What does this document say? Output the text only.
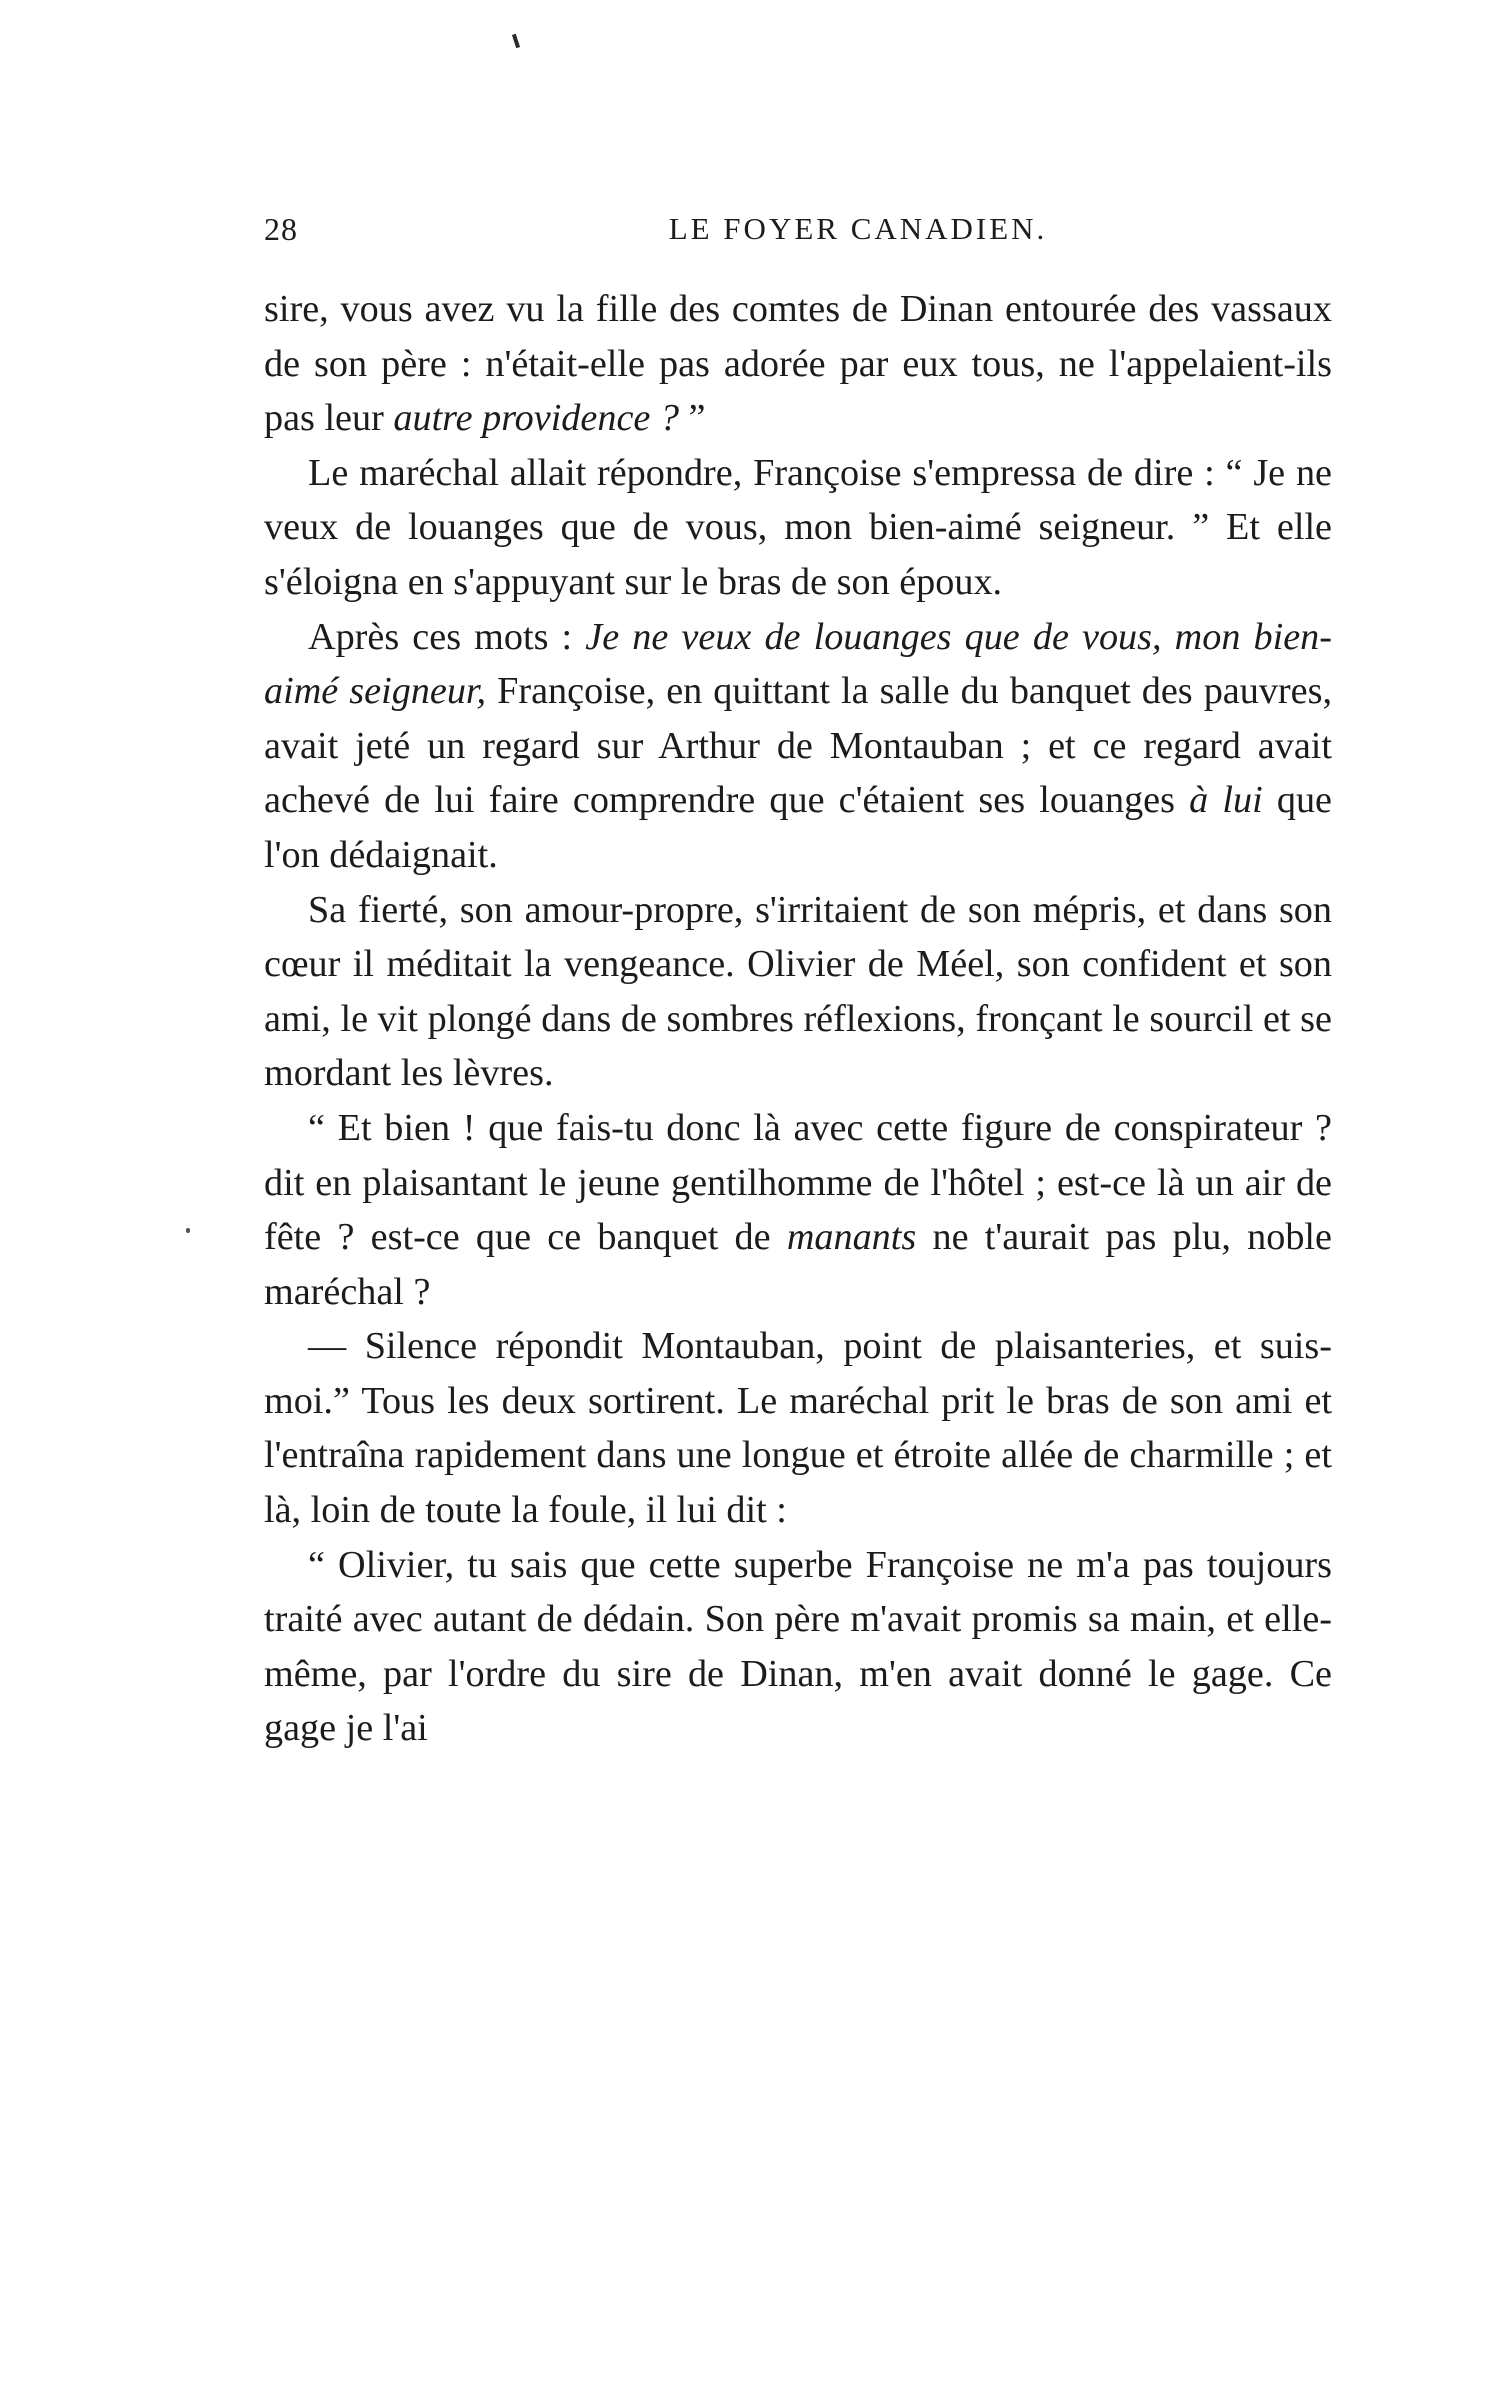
28	LE FOYER CANADIEN.

sire, vous avez vu la fille des comtes de Dinan entourée des vassaux de son père : n'était-elle pas adorée par eux tous, ne l'appelaient-ils pas leur autre providence ? ”

Le maréchal allait répondre, Françoise s'empressa de dire : “ Je ne veux de louanges que de vous, mon bien-aimé seigneur. ” Et elle s'éloigna en s'appuyant sur le bras de son époux.

Après ces mots : Je ne veux de louanges que de vous, mon bien-aimé seigneur, Françoise, en quittant la salle du banquet des pauvres, avait jeté un regard sur Arthur de Montauban ; et ce regard avait achevé de lui faire comprendre que c'étaient ses louanges à lui que l'on dédaignait.

Sa fierté, son amour-propre, s'irritaient de son mépris, et dans son cœur il méditait la vengeance. Olivier de Méel, son confident et son ami, le vit plongé dans de sombres réflexions, fronçant le sourcil et se mordant les lèvres.

“ Et bien ! que fais-tu donc là avec cette figure de conspirateur ? dit en plaisantant le jeune gentilhomme de l'hôtel ; est-ce là un air de fête ? est-ce que ce banquet de manants ne t'aurait pas plu, noble maréchal ?

— Silence répondit Montauban, point de plaisanteries, et suis-moi.” Tous les deux sortirent. Le maréchal prit le bras de son ami et l'entraîna rapidement dans une longue et étroite allée de charmille ; et là, loin de toute la foule, il lui dit :

“ Olivier, tu sais que cette superbe Françoise ne m'a pas toujours traité avec autant de dédain. Son père m'avait promis sa main, et elle-même, par l'ordre du sire de Dinan, m'en avait donné le gage. Ce gage je l'ai
